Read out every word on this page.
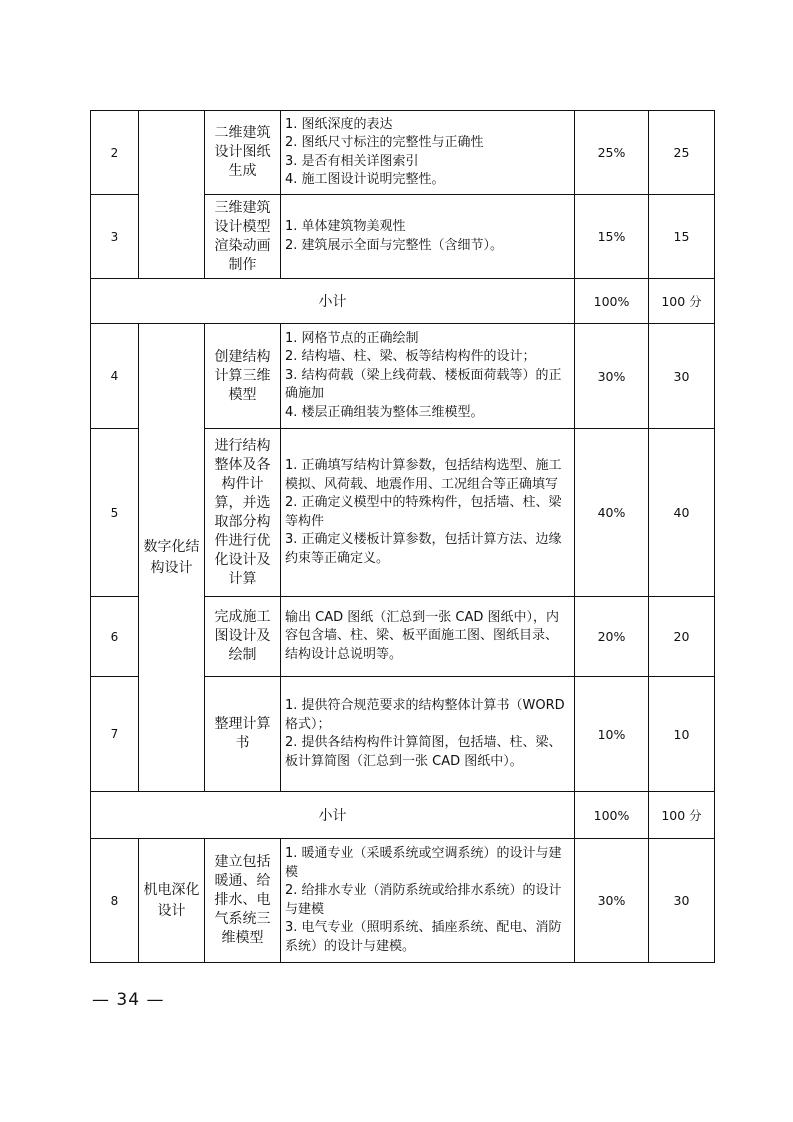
2		二维建筑设计图纸生成	1. 图纸深度的表达
2. 图纸尺寸标注的完整性与正确性
3. 是否有相关详图索引
4. 施工图设计说明完整性。	25%	25
3		三维建筑设计模型渲染动画制作	1. 单体建筑物美观性
2. 建筑展示全面与完整性（含细节）。	15%	15
小计				100%	100 分
4	数字化结构设计	创建结构计算三维模型	1. 网格节点的正确绘制
2. 结构墙、柱、梁、板等结构构件的设计；
3. 结构荷载（梁上线荷载、楼板面荷载等）的正确施加
4. 楼层正确组装为整体三维模型。	30%	30
5		进行结构整体及各构件计算，并选取部分构件进行优化设计及计算	1. 正确填写结构计算参数，包括结构选型、施工模拟、风荷载、地震作用、工况组合等正确填写
2. 正确定义模型中的特殊构件，包括墙、柱、梁等构件
3. 正确定义楼板计算参数，包括计算方法、边缘约束等正确定义。	40%	40
6		完成施工图设计及绘制	输出 CAD 图纸（汇总到一张 CAD 图纸中），内容包含墙、柱、梁、板平面施工图、图纸目录、结构设计总说明等。	20%	20
7		整理计算书	1. 提供符合规范要求的结构整体计算书（WORD 格式）；
2. 提供各结构构件计算简图，包括墙、柱、梁、板计算简图（汇总到一张 CAD 图纸中）。	10%	10
小计				100%	100 分
8	机电深化设计	建立包括暖通、给排水、电气系统三维模型	1. 暖通专业（采暖系统或空调系统）的设计与建模
2. 给排水专业（消防系统或给排水系统）的设计与建模
3. 电气专业（照明系统、插座系统、配电、消防系统）的设计与建模。	30%	30
— 34 —
